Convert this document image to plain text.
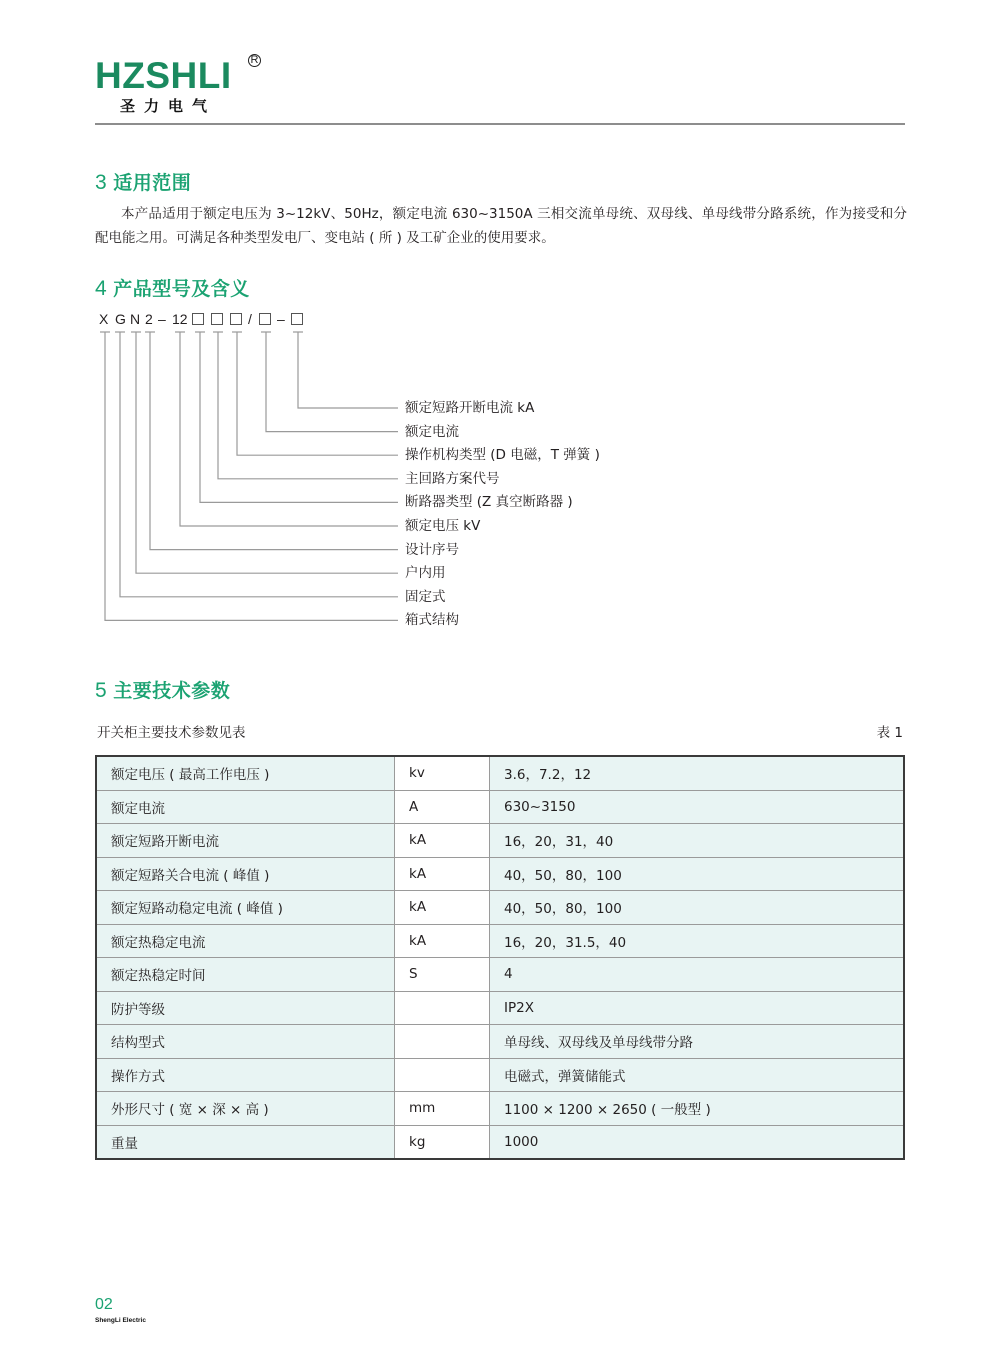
HZSHLI R
圣力电气
3 适用范围
本产品适用于额定电压为 3~12kV、50Hz，额定电流 630~3150A 三相交流单母统、双母线、单母线带分路系统，作为接受和分配电能之用。可满足各种类型发电厂、变电站 ( 所 ) 及工矿企业的使用要求。
4 产品型号及含义
X G N 2 – 12	/ –
额定短路开断电流 kA
额定电流
操作机构类型 (D 电磁，T 弹簧 )
主回路方案代号
断路器类型 (Z 真空断路器 )
额定电压 kV
设计序号
户内用
固定式
箱式结构
5 主要技术参数
开关柜主要技术参数见表	表 1
额定电压 ( 最高工作电压 )	kv	3.6，7.2，12
额定电流	A	630~3150
额定短路开断电流	kA	16，20，31，40
额定短路关合电流 ( 峰值 )	kA	40，50，80，100
额定短路动稳定电流 ( 峰值 )	kA	40，50，80，100
额定热稳定电流	kA	16，20，31.5，40
额定热稳定时间	S	4
防护等级		IP2X
结构型式		单母线、双母线及单母线带分路
操作方式		电磁式，弹簧储能式
外形尺寸 ( 宽 × 深 × 高 )	mm	1100 × 1200 × 2650 ( 一般型 )
重量	kg	1000
02
ShengLi Electric
